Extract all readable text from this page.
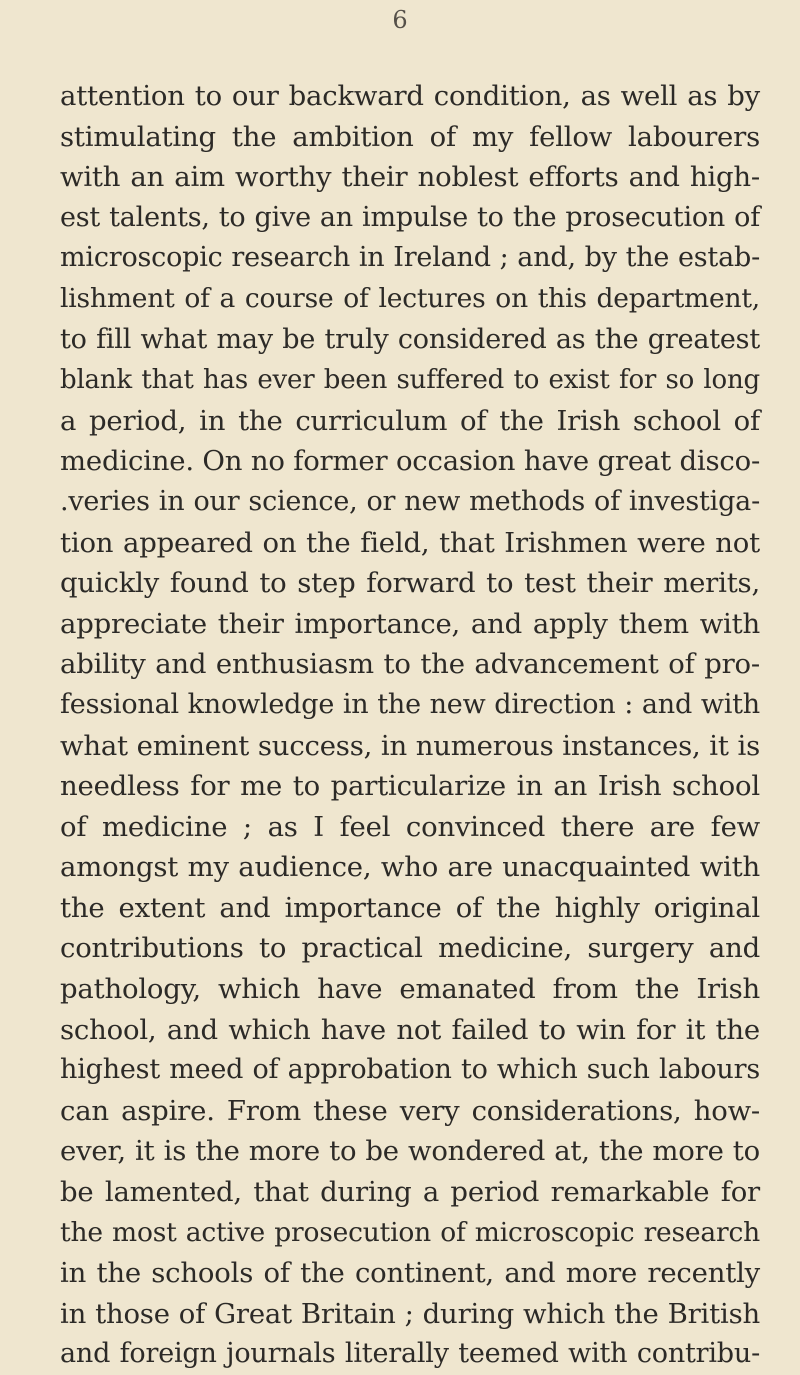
6
attention to our backward condition, as well as by
stimulating the ambition of my fellow labourers
with an aim worthy their noblest efforts and high-
est talents, to give an impulse to the prosecution of
microscopic research in Ireland ; and, by the estab-
lishment of a course of lectures on this department,
to fill what may be truly considered as the greatest
blank that has ever been suffered to exist for so long
a period, in the curriculum of the Irish school of
medicine. On no former occasion have great disco-
.veries in our science, or new methods of investiga-
tion appeared on the field, that Irishmen were not
quickly found to step forward to test their merits,
appreciate their importance, and apply them with
ability and enthusiasm to the advancement of pro-
fessional knowledge in the new direction : and with
what eminent success, in numerous instances, it is
needless for me to particularize in an Irish school
of medicine ; as I feel convinced there are few
amongst my audience, who are unacquainted with
the extent and importance of the highly original
contributions to practical medicine, surgery and
pathology, which have emanated from the Irish
school, and which have not failed to win for it the
highest meed of approbation to which such labours
can aspire. From these very considerations, how-
ever, it is the more to be wondered at, the more to
be lamented, that during a period remarkable for
the most active prosecution of microscopic research
in the schools of the continent, and more recently
in those of Great Britain ; during which the British
and foreign journals literally teemed with contribu-
